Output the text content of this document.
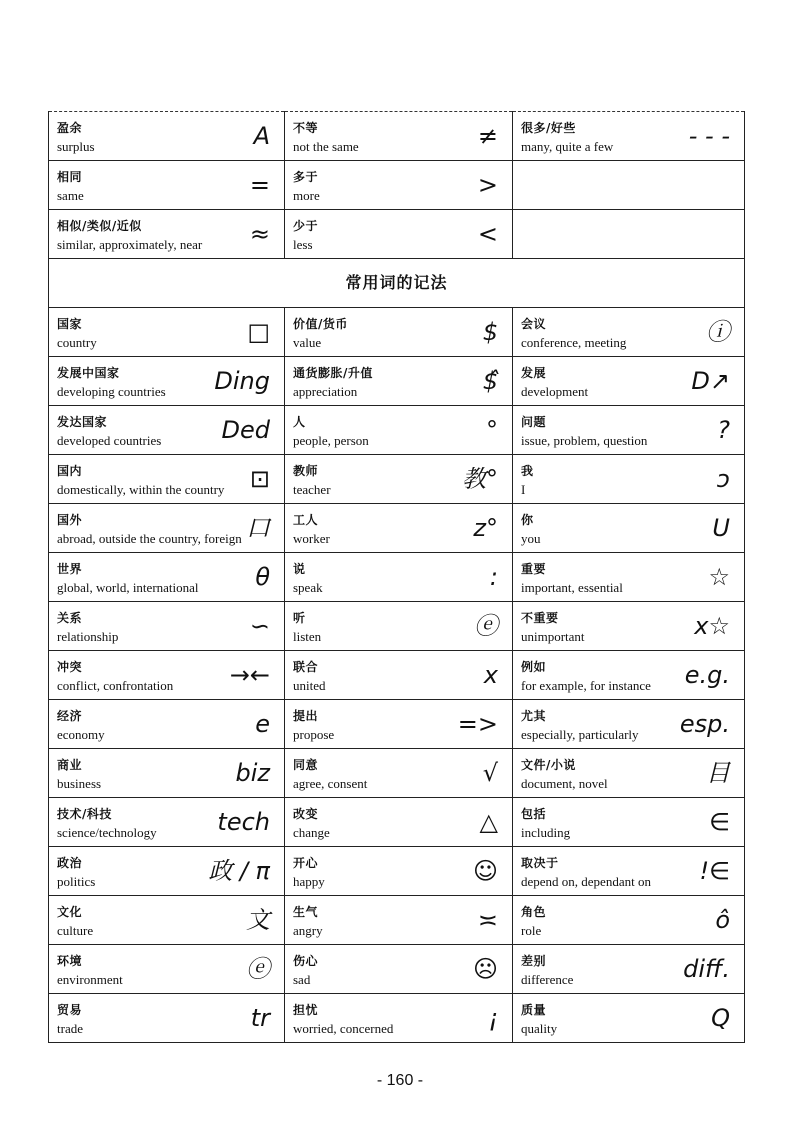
盈余
surplus A	不等
not the same ≠	很多/好些
many, quite a few - - -

相同
same =	多于
more >	

相似/类似/近似
similar, approximately, near ≈	少于
less <	

常用词的记法		

国家
country □	价值/货币
value $	会议
conference, meeting ⓘ

发展中国家
developing countries Ding	通货膨胀/升值
appreciation $̂	发展
development D↗

发达国家
developed countries Ded	人
people, person °	问题
issue, problem, question ?

国内
domestically, within the country ⊡	教师
teacher 教°	我
I ↄ

国外
abroad, outside the country, foreign 口	工人
worker z°	你
you U

世界
global, world, international θ	说
speak :	重要
important, essential ☆

关系
relationship ∽	听
listen ⓔ	不重要
unimportant x☆

冲突
conflict, confrontation →←	联合
united ⅹ	例如
for example, for instance e.g.

经济
economy e	提出
propose =>	尤其
especially, particularly esp.

商业
business biz	同意
agree, consent √	文件/小说
document, novel 目

技术/科技
science/technology tech	改变
change △	包括
including ∈

政治
politics 政 / π	开心
happy ☺	取决于
depend on, dependant on !∈

文化
culture 文	生气
angry ≍	角色
role ô

环境
environment ⓔ	伤心
sad ☹	差别
difference diff.

贸易
trade tr	担忧
worried, concerned ¡	质量
quality Q
- 160 -
